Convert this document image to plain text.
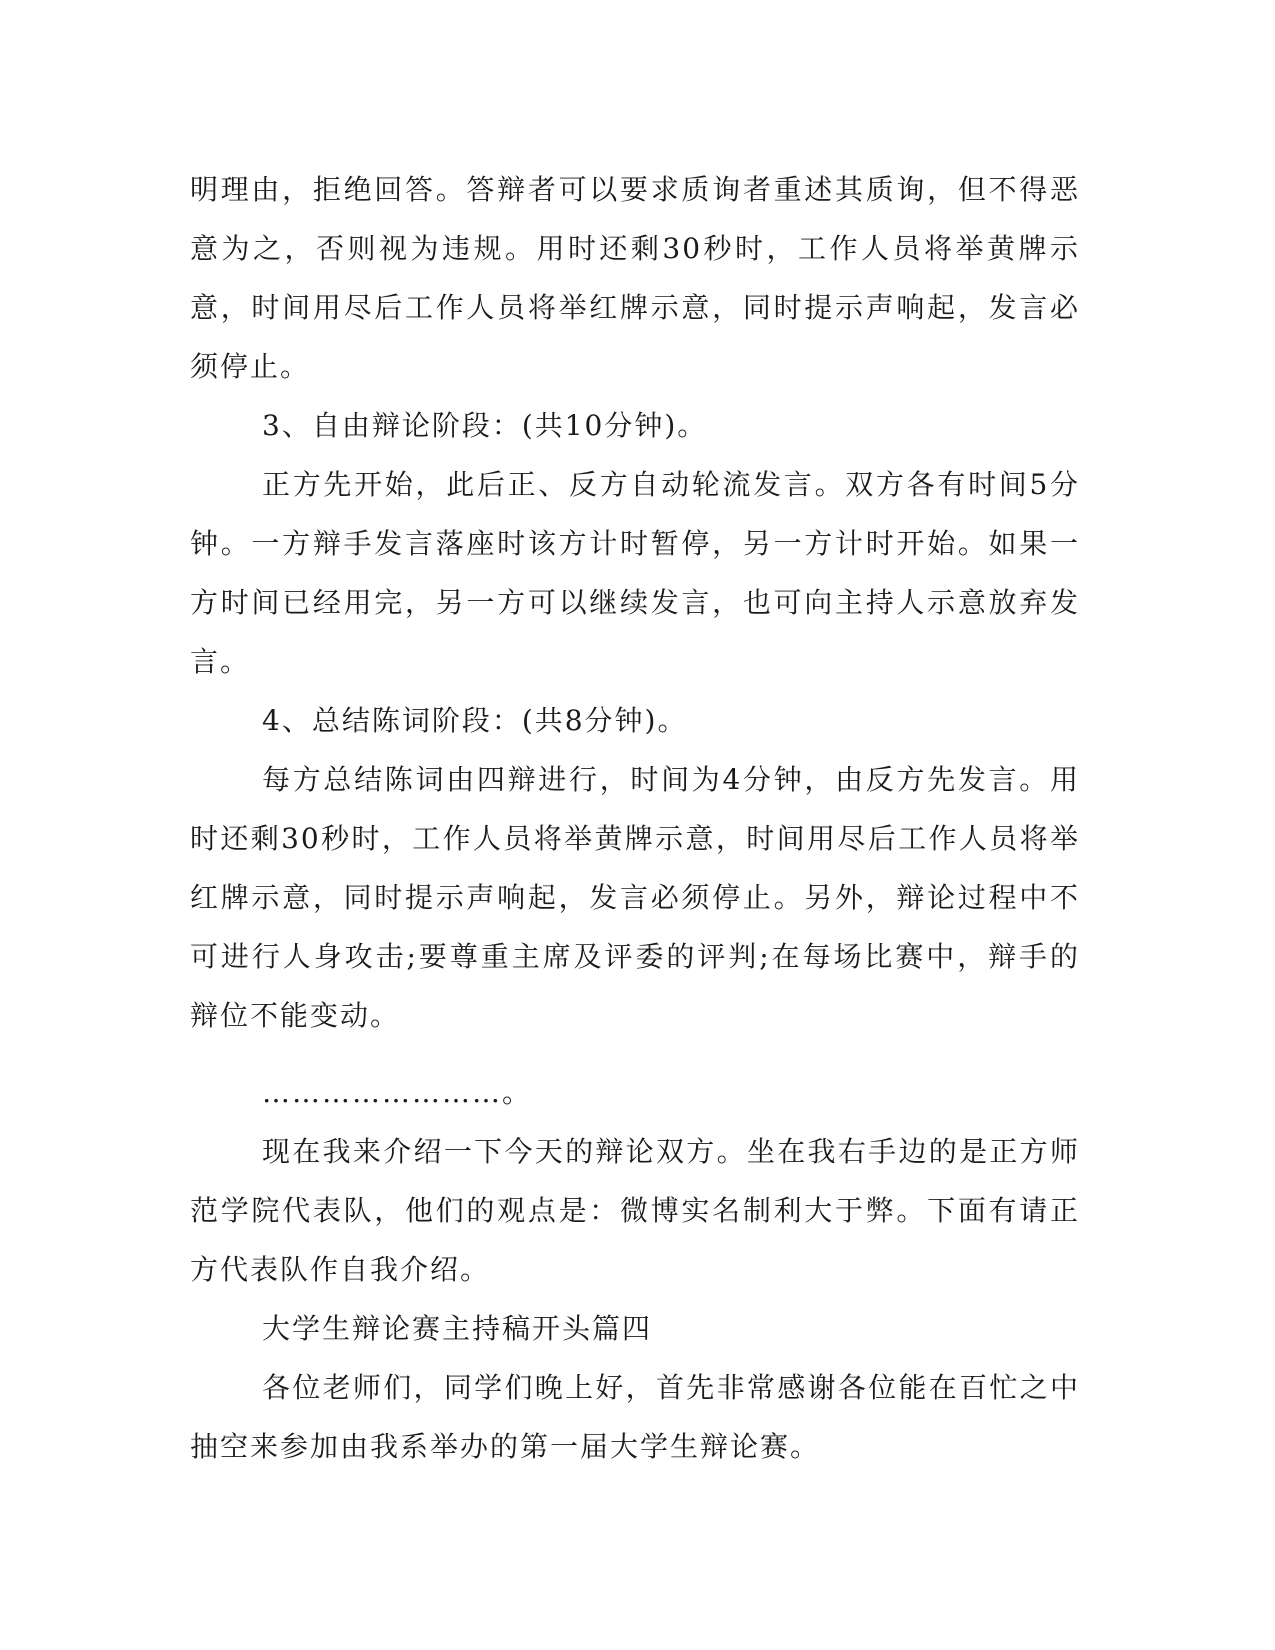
明理由，拒绝回答。答辩者可以要求质询者重述其质询，但不得恶意为之，否则视为违规。用时还剩30秒时，工作人员将举黄牌示意，时间用尽后工作人员将举红牌示意，同时提示声响起，发言必须停止。

3、自由辩论阶段：(共10分钟)。

正方先开始，此后正、反方自动轮流发言。双方各有时间5分钟。一方辩手发言落座时该方计时暂停，另一方计时开始。如果一方时间已经用完，另一方可以继续发言，也可向主持人示意放弃发言。

4、总结陈词阶段：(共8分钟)。

每方总结陈词由四辩进行，时间为4分钟，由反方先发言。用时还剩30秒时，工作人员将举黄牌示意，时间用尽后工作人员将举红牌示意，同时提示声响起，发言必须停止。另外，辩论过程中不可进行人身攻击;要尊重主席及评委的评判;在每场比赛中，辩手的辩位不能变动。

……………………。

现在我来介绍一下今天的辩论双方。坐在我右手边的是正方师范学院代表队，他们的观点是：微博实名制利大于弊。下面有请正方代表队作自我介绍。

大学生辩论赛主持稿开头篇四

各位老师们，同学们晚上好，首先非常感谢各位能在百忙之中抽空来参加由我系举办的第一届大学生辩论赛。
